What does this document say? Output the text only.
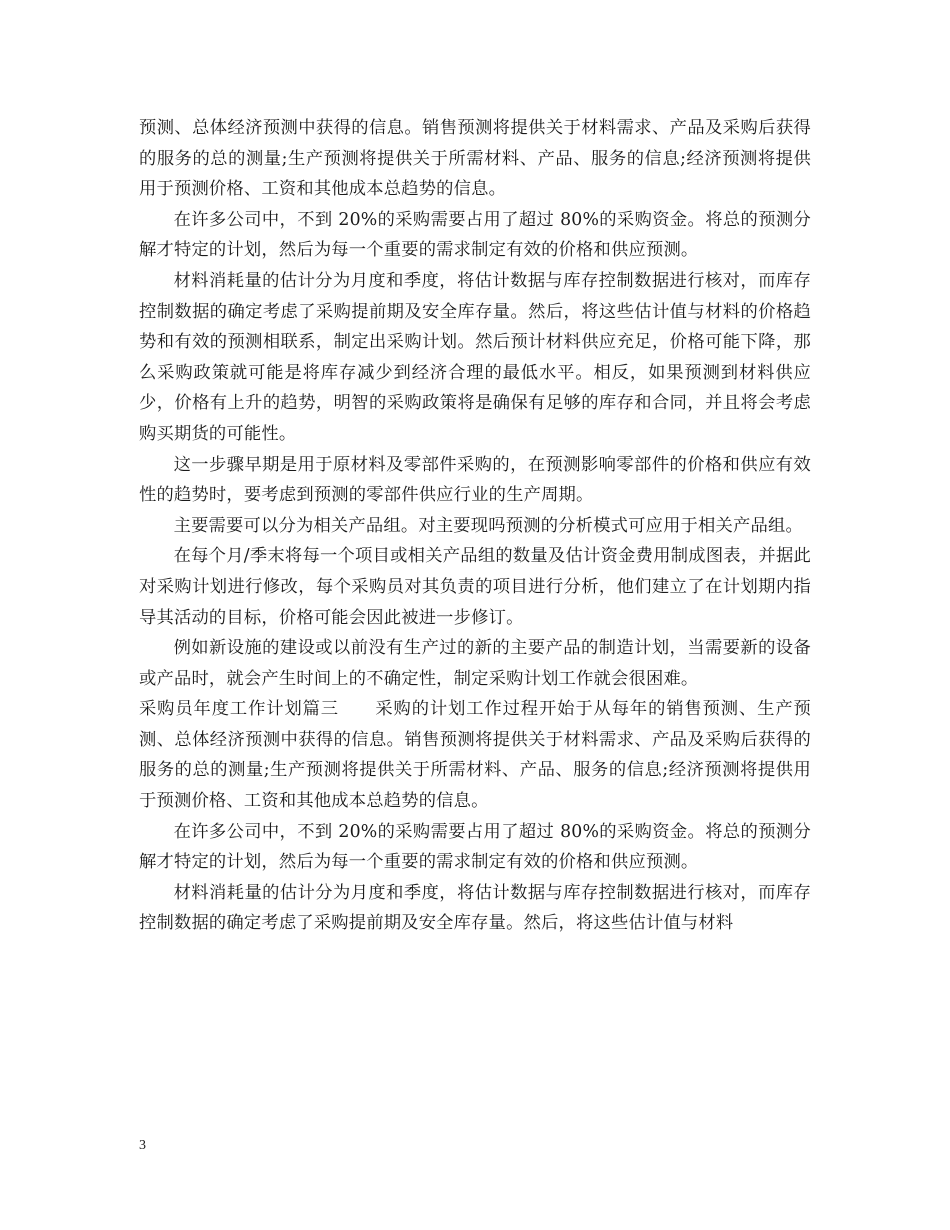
预测、总体经济预测中获得的信息。销售预测将提供关于材料需求、产品及采购后获得的服务的总的测量;生产预测将提供关于所需材料、产品、服务的信息;经济预测将提供用于预测价格、工资和其他成本总趋势的信息。

在许多公司中，不到 20%的采购需要占用了超过 80%的采购资金。将总的预测分解才特定的计划，然后为每一个重要的需求制定有效的价格和供应预测。

材料消耗量的估计分为月度和季度，将估计数据与库存控制数据进行核对，而库存控制数据的确定考虑了采购提前期及安全库存量。然后，将这些估计值与材料的价格趋势和有效的预测相联系，制定出采购计划。然后预计材料供应充足，价格可能下降，那么采购政策就可能是将库存减少到经济合理的最低水平。相反，如果预测到材料供应少，价格有上升的趋势，明智的采购政策将是确保有足够的库存和合同，并且将会考虑购买期货的可能性。

这一步骤早期是用于原材料及零部件采购的，在预测影响零部件的价格和供应有效性的趋势时，要考虑到预测的零部件供应行业的生产周期。

主要需要可以分为相关产品组。对主要现吗预测的分析模式可应用于相关产品组。

在每个月/季末将每一个项目或相关产品组的数量及估计资金费用制成图表，并据此对采购计划进行修改，每个采购员对其负责的项目进行分析，他们建立了在计划期内指导其活动的目标，价格可能会因此被进一步修订。

例如新设施的建设或以前没有生产过的新的主要产品的制造计划，当需要新的设备或产品时，就会产生时间上的不确定性，制定采购计划工作就会很困难。

采购员年度工作计划篇三　　采购的计划工作过程开始于从每年的销售预测、生产预测、总体经济预测中获得的信息。销售预测将提供关于材料需求、产品及采购后获得的服务的总的测量;生产预测将提供关于所需材料、产品、服务的信息;经济预测将提供用于预测价格、工资和其他成本总趋势的信息。

在许多公司中，不到 20%的采购需要占用了超过 80%的采购资金。将总的预测分解才特定的计划，然后为每一个重要的需求制定有效的价格和供应预测。

材料消耗量的估计分为月度和季度，将估计数据与库存控制数据进行核对，而库存控制数据的确定考虑了采购提前期及安全库存量。然后，将这些估计值与材料

3
